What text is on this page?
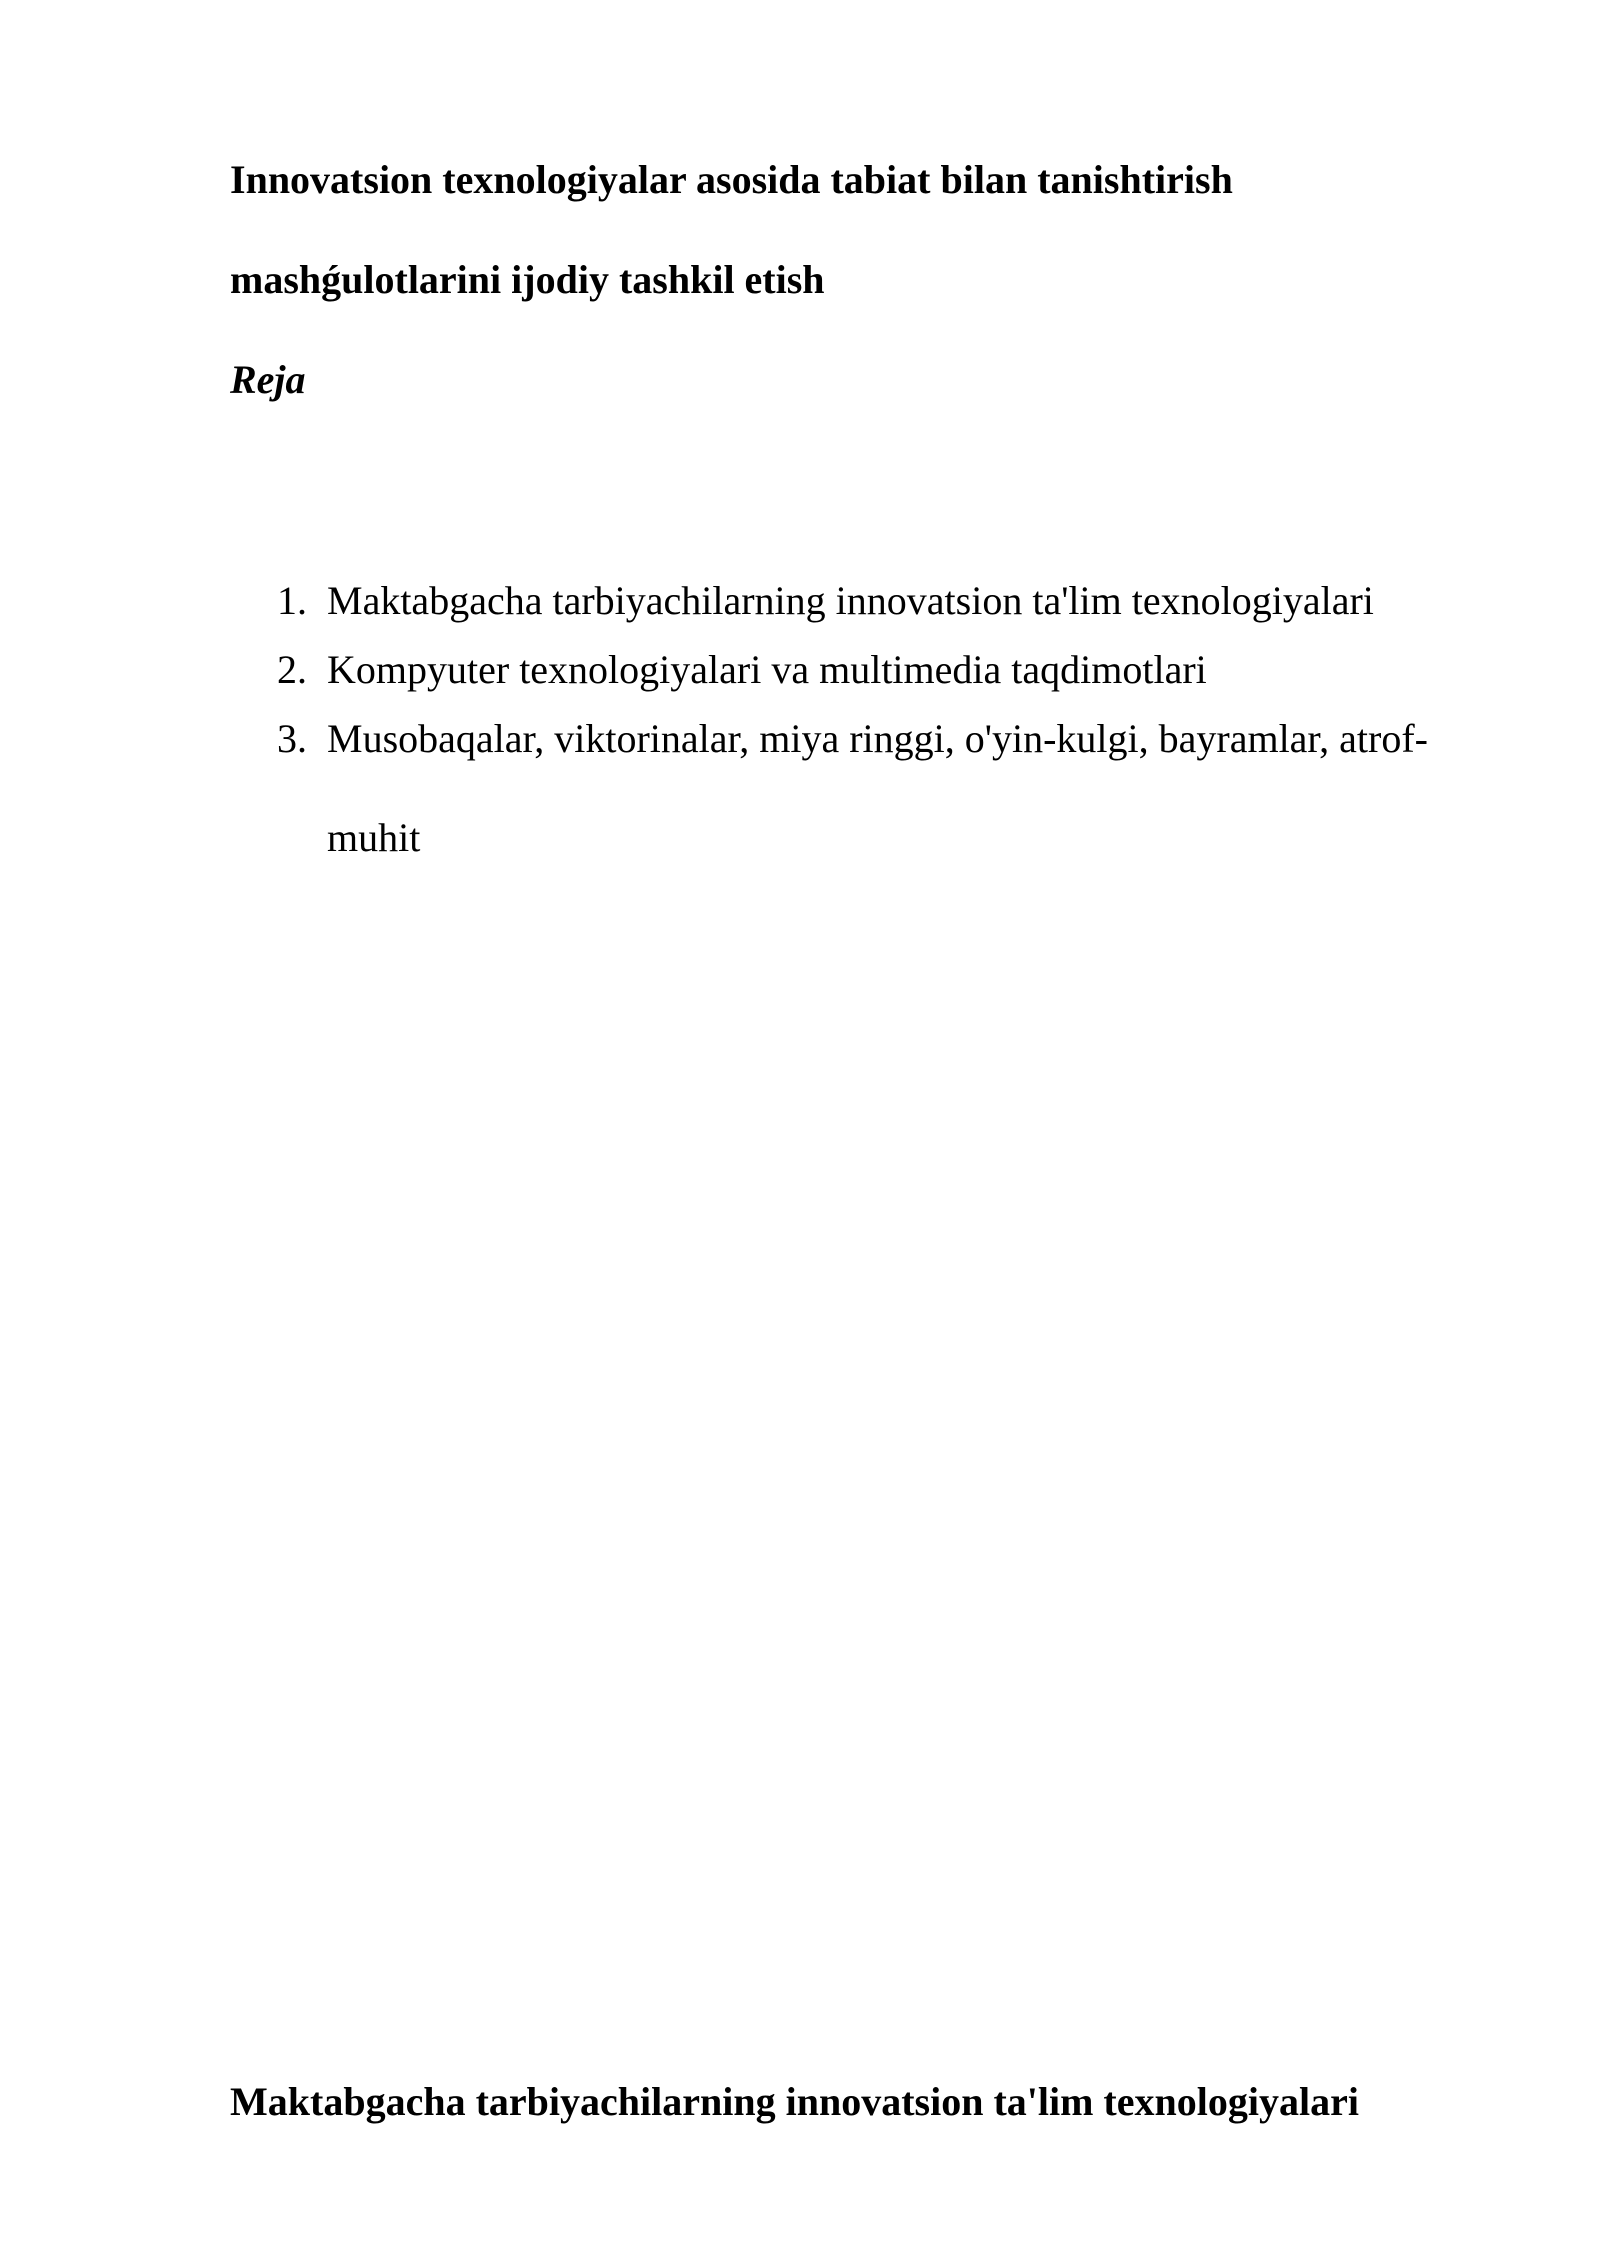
Innovatsion texnologiyalar asosida tabiat bilan tanishtirish
mashǵulotlarini ijodiy tashkil etish
Reja
1. Maktabgacha tarbiyachilarning innovatsion ta'lim texnologiyalari
2. Kompyuter texnologiyalari va multimedia taqdimotlari
3. Musobaqalar, viktorinalar, miya ringgi, o'yin-kulgi, bayramlar, atrof-muhit
Maktabgacha tarbiyachilarning innovatsion ta'lim texnologiyalari
